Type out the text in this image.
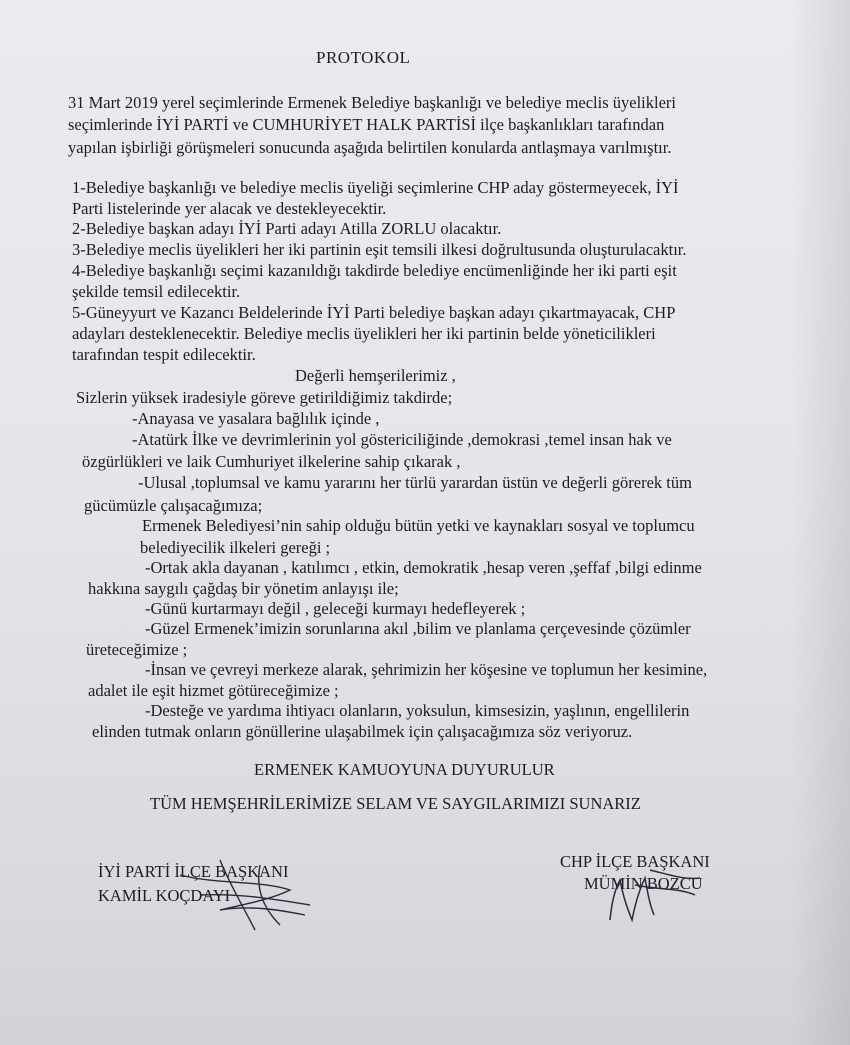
PROTOKOL
31 Mart 2019 yerel seçimlerinde Ermenek Belediye başkanlığı ve belediye meclis üyelikleri
seçimlerinde İYİ PARTİ ve CUMHURİYET HALK PARTİSİ ilçe başkanlıkları tarafından
yapılan işbirliği görüşmeleri sonucunda aşağıda belirtilen konularda antlaşmaya varılmıştır.
1-Belediye başkanlığı ve belediye meclis üyeliği seçimlerine CHP aday göstermeyecek, İYİ
Parti listelerinde yer alacak ve destekleyecektir.
2-Belediye başkan adayı İYİ Parti adayı Atilla ZORLU olacaktır.
3-Belediye meclis üyelikleri her iki partinin eşit temsili ilkesi doğrultusunda oluşturulacaktır.
4-Belediye başkanlığı seçimi kazanıldığı takdirde belediye encümenliğinde her iki parti eşit
şekilde temsil edilecektir.
5-Güneyyurt ve Kazancı Beldelerinde İYİ Parti belediye başkan adayı çıkartmayacak, CHP
adayları desteklenecektir. Belediye meclis üyelikleri her iki partinin belde yöneticilikleri
tarafından tespit edilecektir.
Değerli hemşerilerimiz ,
Sizlerin yüksek iradesiyle göreve getirildiğimiz takdirde;
-Anayasa ve yasalara bağlılık içinde ,
-Atatürk İlke ve devrimlerinin yol göstericiliğinde ,demokrasi ,temel insan hak ve
özgürlükleri ve laik Cumhuriyet ilkelerine sahip çıkarak ,
-Ulusal ,toplumsal ve kamu yararını her türlü yarardan üstün ve değerli görerek tüm
gücümüzle çalışacağımıza;
Ermenek Belediyesi’nin sahip olduğu bütün yetki ve kaynakları sosyal ve toplumcu
belediyecilik ilkeleri gereği ;
-Ortak akla dayanan , katılımcı , etkin, demokratik ,hesap veren ,şeffaf ,bilgi edinme
hakkına saygılı çağdaş bir yönetim anlayışı ile;
-Günü kurtarmayı değil , geleceği kurmayı hedefleyerek ;
-Güzel Ermenek’imizin sorunlarına akıl ,bilim ve planlama çerçevesinde çözümler
üreteceğimize ;
-İnsan ve çevreyi merkeze alarak, şehrimizin her köşesine ve toplumun her kesimine,
adalet ile eşit hizmet götüreceğimize ;
-Desteğe ve yardıma ihtiyacı olanların, yoksulun, kimsesizin, yaşlının, engellilerin
elinden tutmak onların gönüllerine ulaşabilmek için çalışacağımıza söz veriyoruz.
ERMENEK KAMUOYUNA DUYURULUR
TÜM HEMŞEHRİLERİMİZE SELAM VE SAYGILARIMIZI SUNARIZ
İYİ PARTİ İLÇE BAŞKANI
KAMİL KOÇDAYI
CHP İLÇE BAŞKANI
MÜMİN BOZCU
